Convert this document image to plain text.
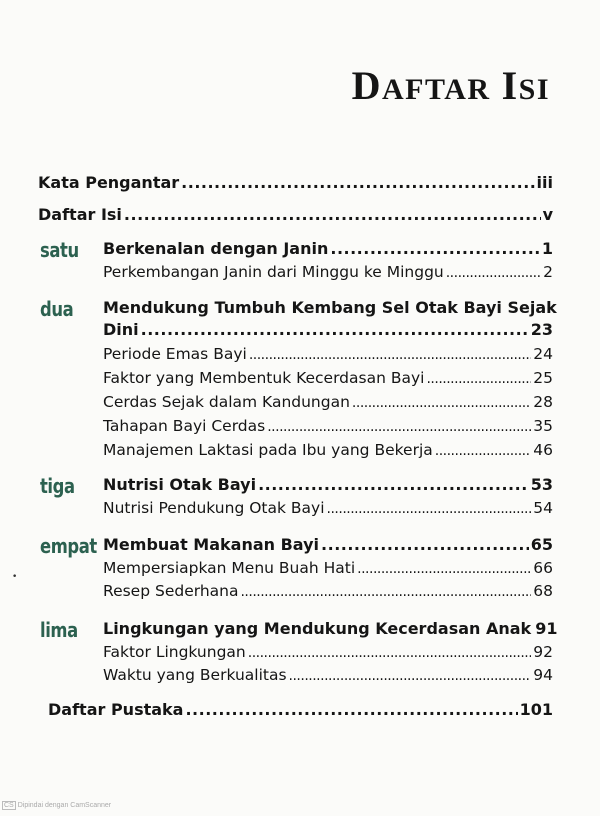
DAFTAR ISI
Kata Pengantar .....	iii
Daftar Isi .....	v
satu Berkenalan dengan Janin .....	1
Perkembangan Janin dari Minggu ke Minggu .....	2
dua Mendukung Tumbuh Kembang Sel Otak Bayi Sejak
Dini .....	23
Periode Emas Bayi .....	24
Faktor yang Membentuk Kecerdasan Bayi .....	25
Cerdas Sejak dalam Kandungan .....	28
Tahapan Bayi Cerdas .....	35
Manajemen Laktasi pada Ibu yang Bekerja .....	46
tiga Nutrisi Otak Bayi .....	53
Nutrisi Pendukung Otak Bayi .....	54
empat Membuat Makanan Bayi .....	65
Mempersiapkan Menu Buah Hati .....	66
Resep Sederhana .....	68
lima Lingkungan yang Mendukung Kecerdasan Anak 91
Faktor Lingkungan .....	92
Waktu yang Berkualitas .....	94
Daftar Pustaka .....	101
•
CS Dipindai dengan CamScanner
